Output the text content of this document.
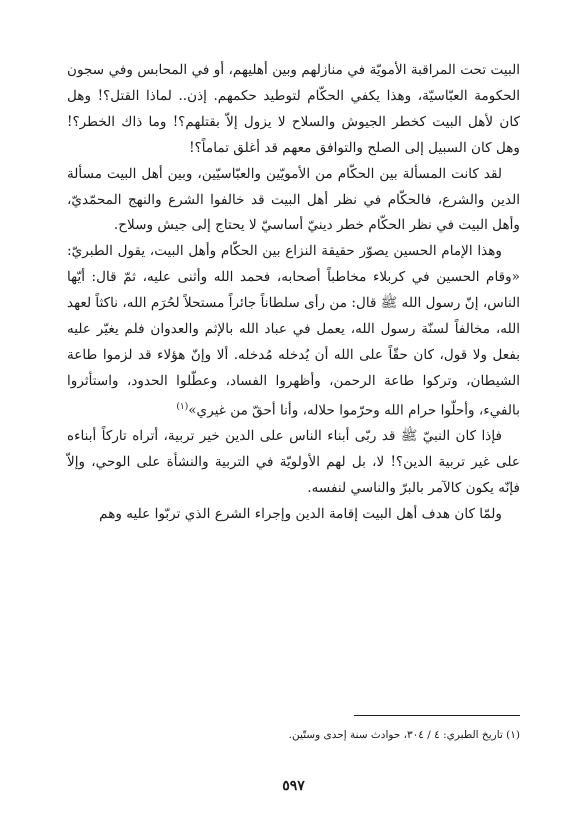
البيت تحت المراقبة الأمويّة في منازلهم وبين أهليهم، أو في المحابس وفي سجون الحكومة العبّاسيّة، وهذا يكفي الحكّام لتوطيد حكمهم. إذن.. لماذا القتل؟! وهل كان لأهل البيت كخطر الجيوش والسلاح لا يزول إلاّ بقتلهم؟! وما ذاك الخطر؟! وهل كان السبيل إلى الصلح والتوافق معهم قد أغلق تماماً؟!

لقد كانت المسألة بين الحكّام من الأمويّين والعبّاسيّين، وبين أهل البيت مسألة الدين والشرع، فالحكّام في نظر أهل البيت قد خالفوا الشرع والنهج المحمّديّ، وأهل البيت في نظر الحكّام خطر دينيّ أساسيّ لا يحتاج إلى جيش وسلاح.

وهذا الإمام الحسين يصوّر حقيقة النزاع بين الحكّام وأهل البيت، يقول الطبريّ: «وقام الحسين في كربلاء مخاطباً أصحابه، فحمد الله وأثنى عليه، ثمّ قال: أيّها الناس، إنّ رسول الله ﷺ قال: من رأى سلطاناً جائراً مستحلاً لحُرَم الله، ناكثاً لعهد الله، مخالفاً لسنّة رسول الله، يعمل في عباد الله بالإثم والعدوان فلم يغيّر عليه بفعل ولا قول، كان حقّاً على الله أن يُدخله مُدخله. ألا وإنّ هؤلاء قد لزموا طاعة الشيطان، وتركوا طاعة الرحمن، وأظهروا الفساد، وعطّلوا الحدود، واستأثروا بالفيء، وأحلّوا حرام الله وحرّموا حلاله، وأنا أحقّ من غيري»$^{(١)}$

فإذا كان النبيّ ﷺ قد ربّى أبناء الناس على الدين خير تربية، أتراه تاركاً أبناءه على غير تربية الدين؟! لا، بل لهم الأولويّة في التربية والنشأة على الوحي، وإلاّ فإنّه يكون كالآمر بالبرّ والناسي لنفسه.

ولمّا كان هدف أهل البيت إقامة الدين وإجراء الشرع الذي تربّوا عليه وهم

(١) تاريخ الطبري: ٤ / ٣٠٤، حوادث سنة إحدى وستّين.
٥٩٧
